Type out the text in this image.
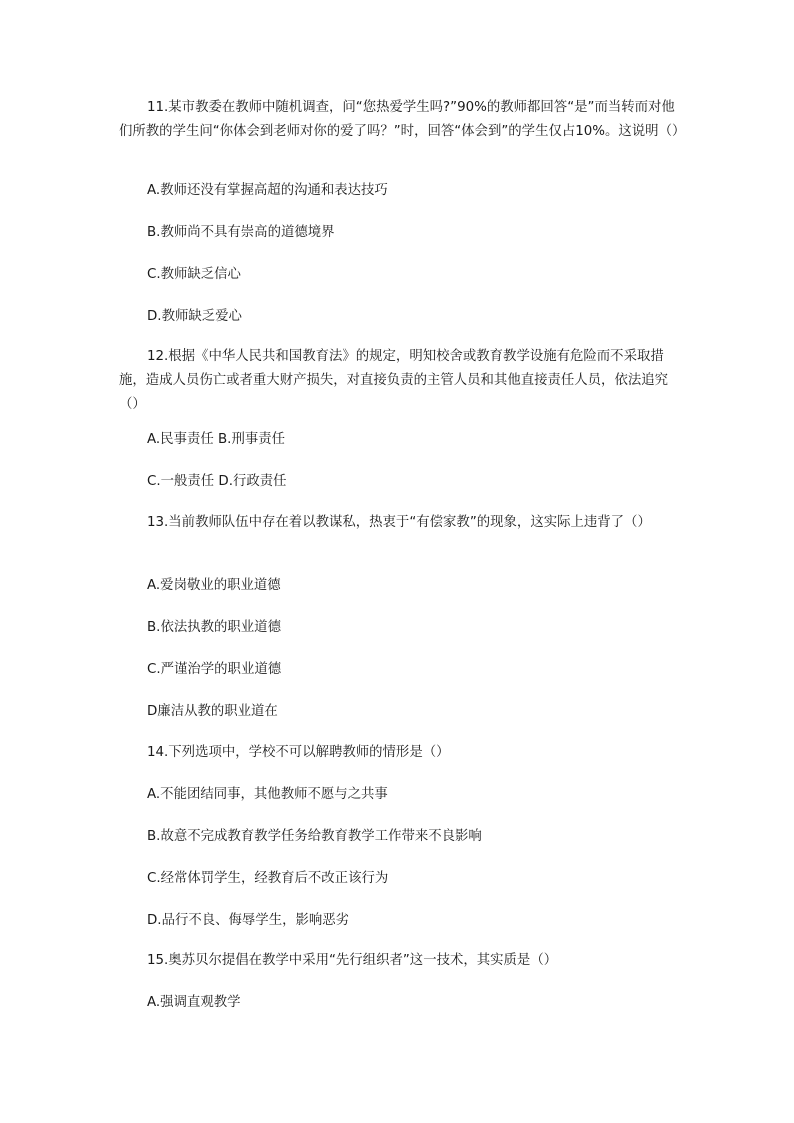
11.某市教委在教师中随机调查，问“您热爱学生吗?”90%的教师都回答“是”而当转而对他们所教的学生问“你体会到老师对你的爱了吗？”时，回答“体会到”的学生仅占10%。这说明（）
A.教师还没有掌握高超的沟通和表达技巧
B.教师尚不具有崇高的道德境界
C.教师缺乏信心
D.教师缺乏爱心
12.根据《中华人民共和国教育法》的规定，明知校舍或教育教学设施有危险而不采取措施，造成人员伤亡或者重大财产损失，对直接负责的主管人员和其他直接责任人员，依法追究（）
A.民事责任 B.刑事责任
C.一般责任 D.行政责任
13.当前教师队伍中存在着以教谋私，热衷于“有偿家教”的现象，这实际上违背了（）
A.爱岗敬业的职业道德
B.依法执教的职业道德
C.严谨治学的职业道德
D廉洁从教的职业道在
14.下列选项中，学校不可以解聘教师的情形是（）
A.不能团结同事，其他教师不愿与之共事
B.故意不完成教育教学任务给教育教学工作带来不良影响
C.经常体罚学生，经教育后不改正该行为
D.品行不良、侮辱学生，影响恶劣
15.奥苏贝尔提倡在教学中采用“先行组织者”这一技术，其实质是（）
A.强调直观教学
